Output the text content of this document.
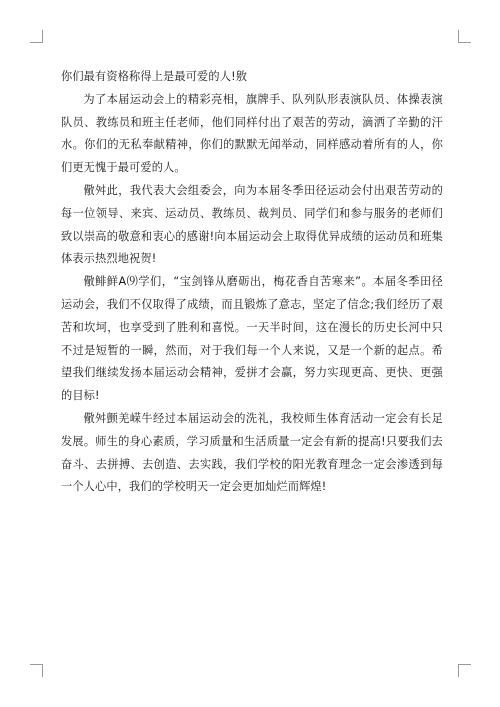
你们最有资格称得上是最可爱的人!敫

为了本届运动会上的精彩亮相，旗牌手、队列队形表演队员、体操表演队员、教练员和班主任老师，他们同样付出了艰苦的劳动，滴洒了辛勤的汗水。你们的无私奉献精神，你们的默默无闻举动，同样感动着所有的人，你们更无愧于最可爱的人。

儆舛此，我代表大会组委会，向为本届冬季田径运动会付出艰苦劳动的每一位领导、来宾、运动员、教练员、裁判员、同学们和参与服务的老师们致以崇高的敬意和衷心的感谢!向本届运动会上取得优异成绩的运动员和班集体表示热烈地祝贺!

儆鲱鲜A⑼学们，“宝剑锋从磨砺出，梅花香自苦寒来”。本届冬季田径运动会，我们不仅取得了成绩，而且锻炼了意志，坚定了信念;我们经历了艰苦和坎坷，也享受到了胜利和喜悦。一天半时间，这在漫长的历史长河中只不过是短暂的一瞬，然而，对于我们每一个人来说，又是一个新的起点。希望我们继续发扬本届运动会精神，爱拼才会赢，努力实现更高、更快、更强的目标!

儆舛颤羌嵘牛经过本届运动会的洗礼，我校师生体育活动一定会有长足发展。师生的身心素质，学习质量和生活质量一定会有新的提高!只要我们去奋斗、去拼搏、去创造、去实践，我们学校的阳光教育理念一定会渗透到每一个人心中，我们的学校明天一定会更加灿烂而辉煌!
